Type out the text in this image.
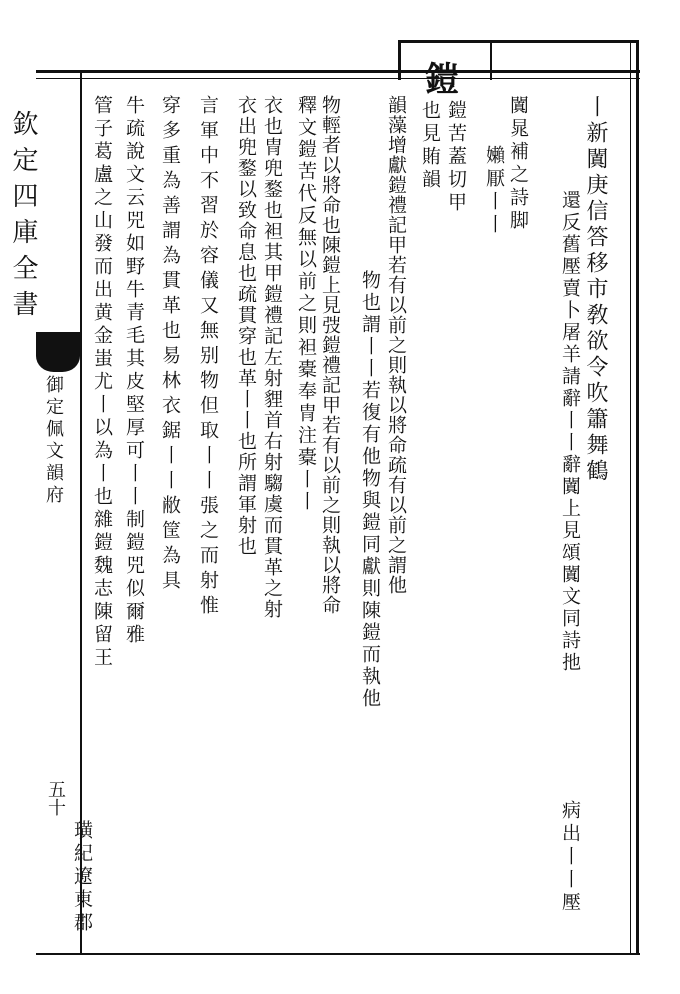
欽定四庫全書
御定佩文韻府
五十
鎧
丨新闐庚信答移市敎欲令吹簫舞鶴
還反舊壓賣卜屠羊請辭丨丨辭闐上見頌闐文同詩扡
病出丨丨壓
闐晁補之詩脚
嬾厭丨丨
鎧苦蓋切甲
也見賄韻
韻藻增獻鎧禮記甲若有以前之則執以將命疏有以前之謂他
物也謂丨丨若復有他物與鎧同獻則陳鎧而執他
物輕者以將命也陳鎧上見弢鎧禮記甲若有以前之則執以將命
釋文鎧苦代反無以前之則袒橐奉冑注橐丨丨
衣也冑兜鍪也袒其甲鎧禮記左射貍首右射騶虞而貫革之射
衣出兜鍪以致命息也疏貫穿也革丨丨也所謂軍射也
言軍中不習於容儀又無别物但取丨丨張之而射惟
穿多重為善謂為貫革也易林衣鋸丨丨敝筐為具
牛疏說文云兕如野牛青毛其皮堅厚可丨丨制鎧兕似爾雅
管子葛盧之山發而出黄金蚩尤丨以為丨也雜鎧魏志陳留王
璜紀遼東郡
